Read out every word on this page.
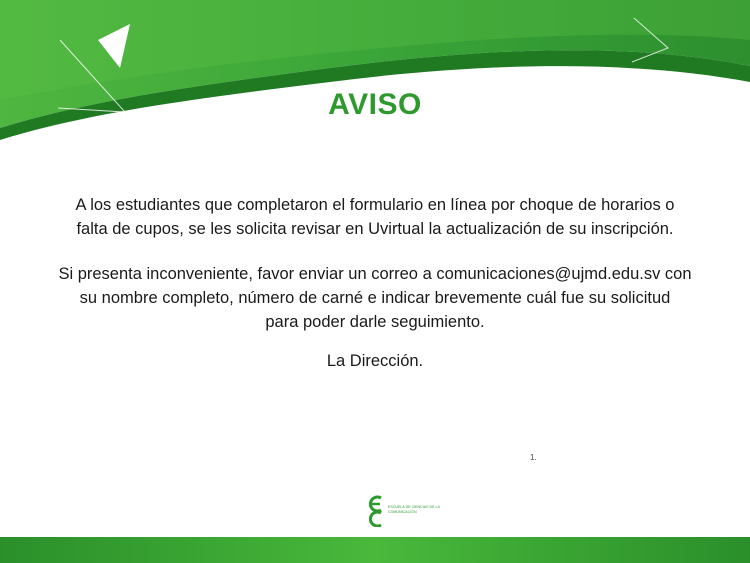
AVISO
A los estudiantes que completaron el formulario en línea por choque de horarios o
falta de cupos, se les solicita revisar en Uvirtual la actualización de su inscripción.
Si presenta inconveniente, favor enviar un correo a comunicaciones@ujmd.edu.sv con
su nombre completo, número de carné e indicar brevemente cuál fue su solicitud
para poder darle seguimiento.
La Dirección.
1.
ESCUELA DE CIENCIAS DE LA COMUNICACIÓN
